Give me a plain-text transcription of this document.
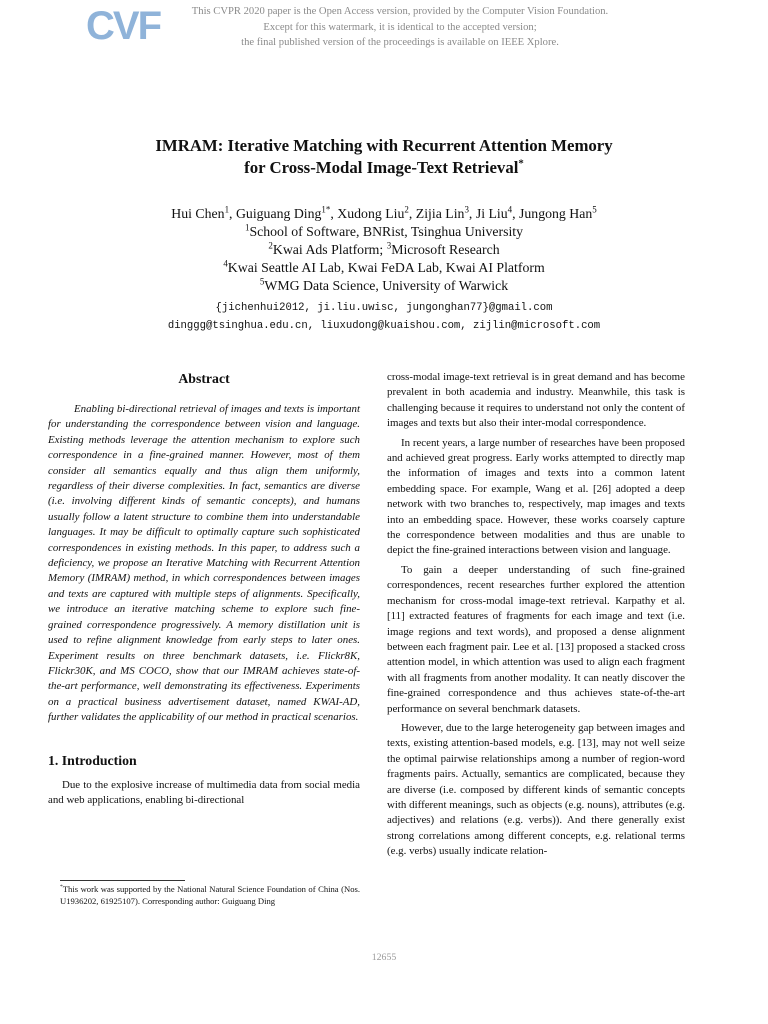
CVF	This CVPR 2020 paper is the Open Access version, provided by the Computer Vision Foundation.
Except for this watermark, it is identical to the accepted version;
the final published version of the proceedings is available on IEEE Xplore.
IMRAM: Iterative Matching with Recurrent Attention Memory
for Cross-Modal Image-Text Retrieval*
Hui Chen$^1$, Guiguang Ding$^{1*}$, Xudong Liu$^2$, Zijia Lin$^3$, Ji Liu$^4$, Jungong Han$^5$
$^1$School of Software, BNRist, Tsinghua University
$^2$Kwai Ads Platform; $^3$Microsoft Research
$^4$Kwai Seattle AI Lab, Kwai FeDA Lab, Kwai AI Platform
$^5$WMG Data Science, University of Warwick
{jichenhui2012, ji.liu.uwisc, jungonghan77}@gmail.com
dinggg@tsinghua.edu.cn, liuxudong@kuaishou.com, zijlin@microsoft.com
Abstract

Enabling bi-directional retrieval of images and texts is important for understanding the correspondence between vision and language. Existing methods leverage the attention mechanism to explore such correspondence in a fine-grained manner. However, most of them consider all semantics equally and thus align them uniformly, regardless of their diverse complexities. In fact, semantics are diverse (i.e. involving different kinds of semantic concepts), and humans usually follow a latent structure to combine them into understandable languages. It may be difficult to optimally capture such sophisticated correspondences in existing methods. In this paper, to address such a deficiency, we propose an Iterative Matching with Recurrent Attention Memory (IMRAM) method, in which correspondences between images and texts are captured with multiple steps of alignments. Specifically, we introduce an iterative matching scheme to explore such fine-grained correspondence progressively. A memory distillation unit is used to refine alignment knowledge from early steps to later ones. Experiment results on three benchmark datasets, i.e. Flickr8K, Flickr30K, and MS COCO, show that our IMRAM achieves state-of-the-art performance, well demonstrating its effectiveness. Experiments on a practical business advertisement dataset, named KWAI-AD, further validates the applicability of our method in practical scenarios.

1. Introduction

Due to the explosive increase of multimedia data from social media and web applications, enabling bi-directional

cross-modal image-text retrieval is in great demand and has become prevalent in both academia and industry. Meanwhile, this task is challenging because it requires to understand not only the content of images and texts but also their inter-modal correspondence.

In recent years, a large number of researches have been proposed and achieved great progress. Early works attempted to directly map the information of images and texts into a common latent embedding space. For example, Wang et al. [26] adopted a deep network with two branches to, respectively, map images and texts into an embedding space. However, these works coarsely capture the correspondence between modalities and thus are unable to depict the fine-grained interactions between vision and language.

To gain a deeper understanding of such fine-grained correspondences, recent researches further explored the attention mechanism for cross-modal image-text retrieval. Karpathy et al. [11] extracted features of fragments for each image and text (i.e. image regions and text words), and proposed a dense alignment between each fragment pair. Lee et al. [13] proposed a stacked cross attention model, in which attention was used to align each fragment with all fragments from another modality. It can neatly discover the fine-grained correspondence and thus achieves state-of-the-art performance on several benchmark datasets.

However, due to the large heterogeneity gap between images and texts, existing attention-based models, e.g. [13], may not well seize the optimal pairwise relationships among a number of region-word fragments pairs. Actually, semantics are complicated, because they are diverse (i.e. composed by different kinds of semantic concepts with different meanings, such as objects (e.g. nouns), attributes (e.g. adjectives) and relations (e.g. verbs)). And there generally exist strong correlations among different concepts, e.g. relational terms (e.g. verbs) usually indicate relation-

*This work was supported by the National Natural Science Foundation of China (Nos. U1936202, 61925107). Corresponding author: Guiguang Ding
12655
